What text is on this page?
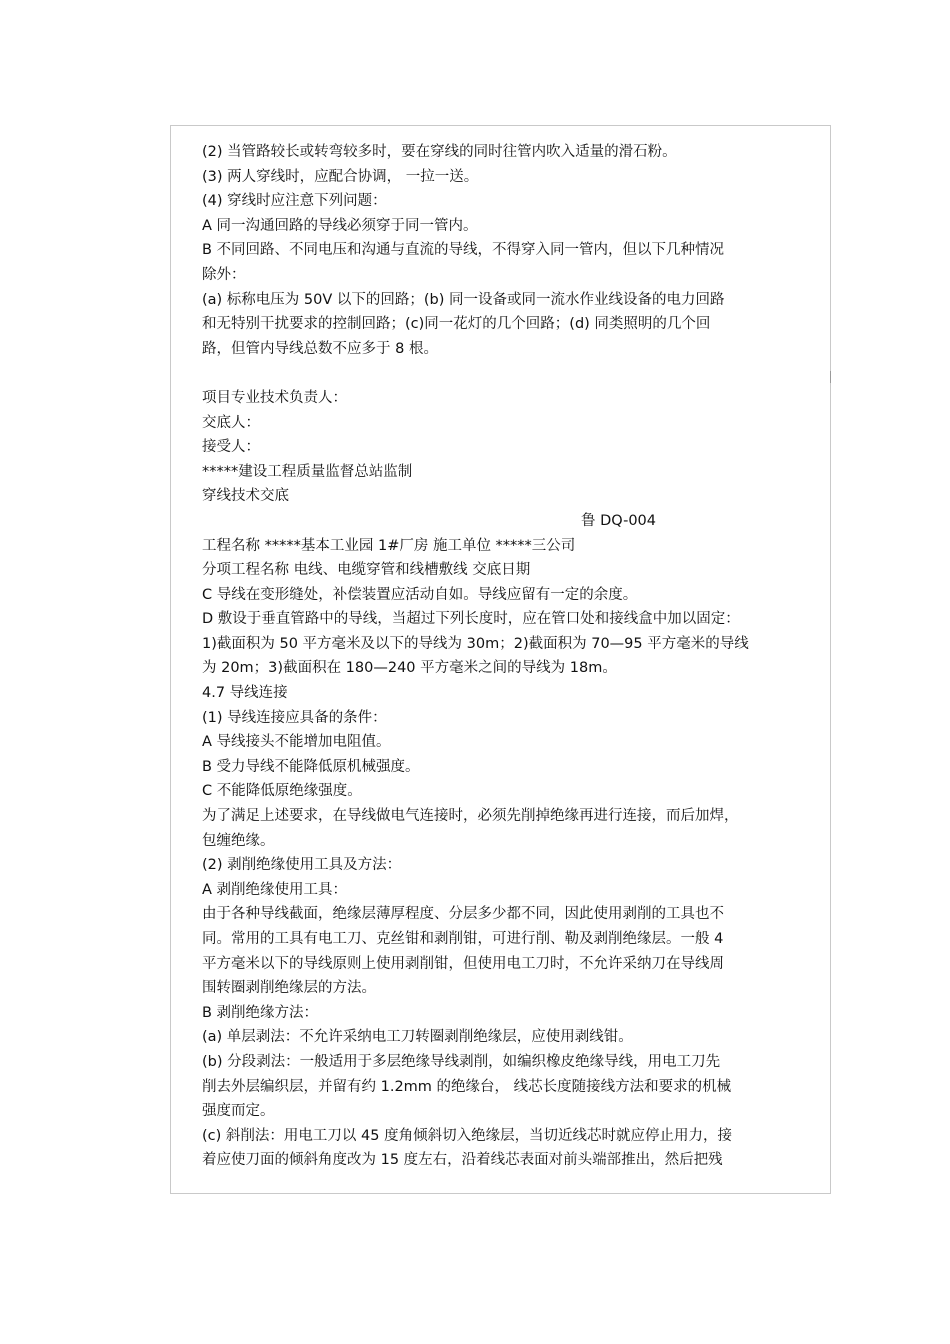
(2) 当管路较长或转弯较多时，要在穿线的同时往管内吹入适量的滑石粉。

(3) 两人穿线时，应配合协调， 一拉一送。

(4) 穿线时应注意下列问题：

A 同一沟通回路的导线必须穿于同一管内。

B 不同回路、不同电压和沟通与直流的导线，不得穿入同一管内，但以下几种情况

除外：

(a) 标称电压为 50V 以下的回路；(b) 同一设备或同一流水作业线设备的电力回路

和无特别干扰要求的控制回路；(c)同一花灯的几个回路；(d) 同类照明的几个回

路，但管内导线总数不应多于 8 根。

项目专业技术负责人：

交底人：

接受人：

*****建设工程质量监督总站监制

穿线技术交底

鲁 DQ-004

工程名称 *****基本工业园 1#厂房 施工单位 *****三公司

分项工程名称 电线、电缆穿管和线槽敷线 交底日期

C 导线在变形缝处，补偿装置应活动自如。导线应留有一定的余度。

D 敷设于垂直管路中的导线，当超过下列长度时，应在管口处和接线盒中加以固定：

1)截面积为 50 平方毫米及以下的导线为 30m；2)截面积为 70—95 平方毫米的导线

为 20m；3)截面积在 180—240 平方毫米之间的导线为 18m。

4.7 导线连接

(1) 导线连接应具备的条件：

A 导线接头不能增加电阻值。

B 受力导线不能降低原机械强度。

C 不能降低原绝缘强度。

为了满足上述要求，在导线做电气连接时，必须先削掉绝缘再进行连接，而后加焊，

包缠绝缘。

(2) 剥削绝缘使用工具及方法：

A 剥削绝缘使用工具：

由于各种导线截面，绝缘层薄厚程度、分层多少都不同，因此使用剥削的工具也不

同。常用的工具有电工刀、克丝钳和剥削钳，可进行削、勒及剥削绝缘层。一般 4

平方毫米以下的导线原则上使用剥削钳，但使用电工刀时，不允许采纳刀在导线周

围转圈剥削绝缘层的方法。

B 剥削绝缘方法：

(a) 单层剥法：不允许采纳电工刀转圈剥削绝缘层，应使用剥线钳。

(b) 分段剥法：一般适用于多层绝缘导线剥削，如编织橡皮绝缘导线，用电工刀先

削去外层编织层，并留有约 1.2mm 的绝缘台， 线芯长度随接线方法和要求的机械

强度而定。

(c) 斜削法：用电工刀以 45 度角倾斜切入绝缘层，当切近线芯时就应停止用力，接

着应使刀面的倾斜角度改为 15 度左右，沿着线芯表面对前头端部推出，然后把残
